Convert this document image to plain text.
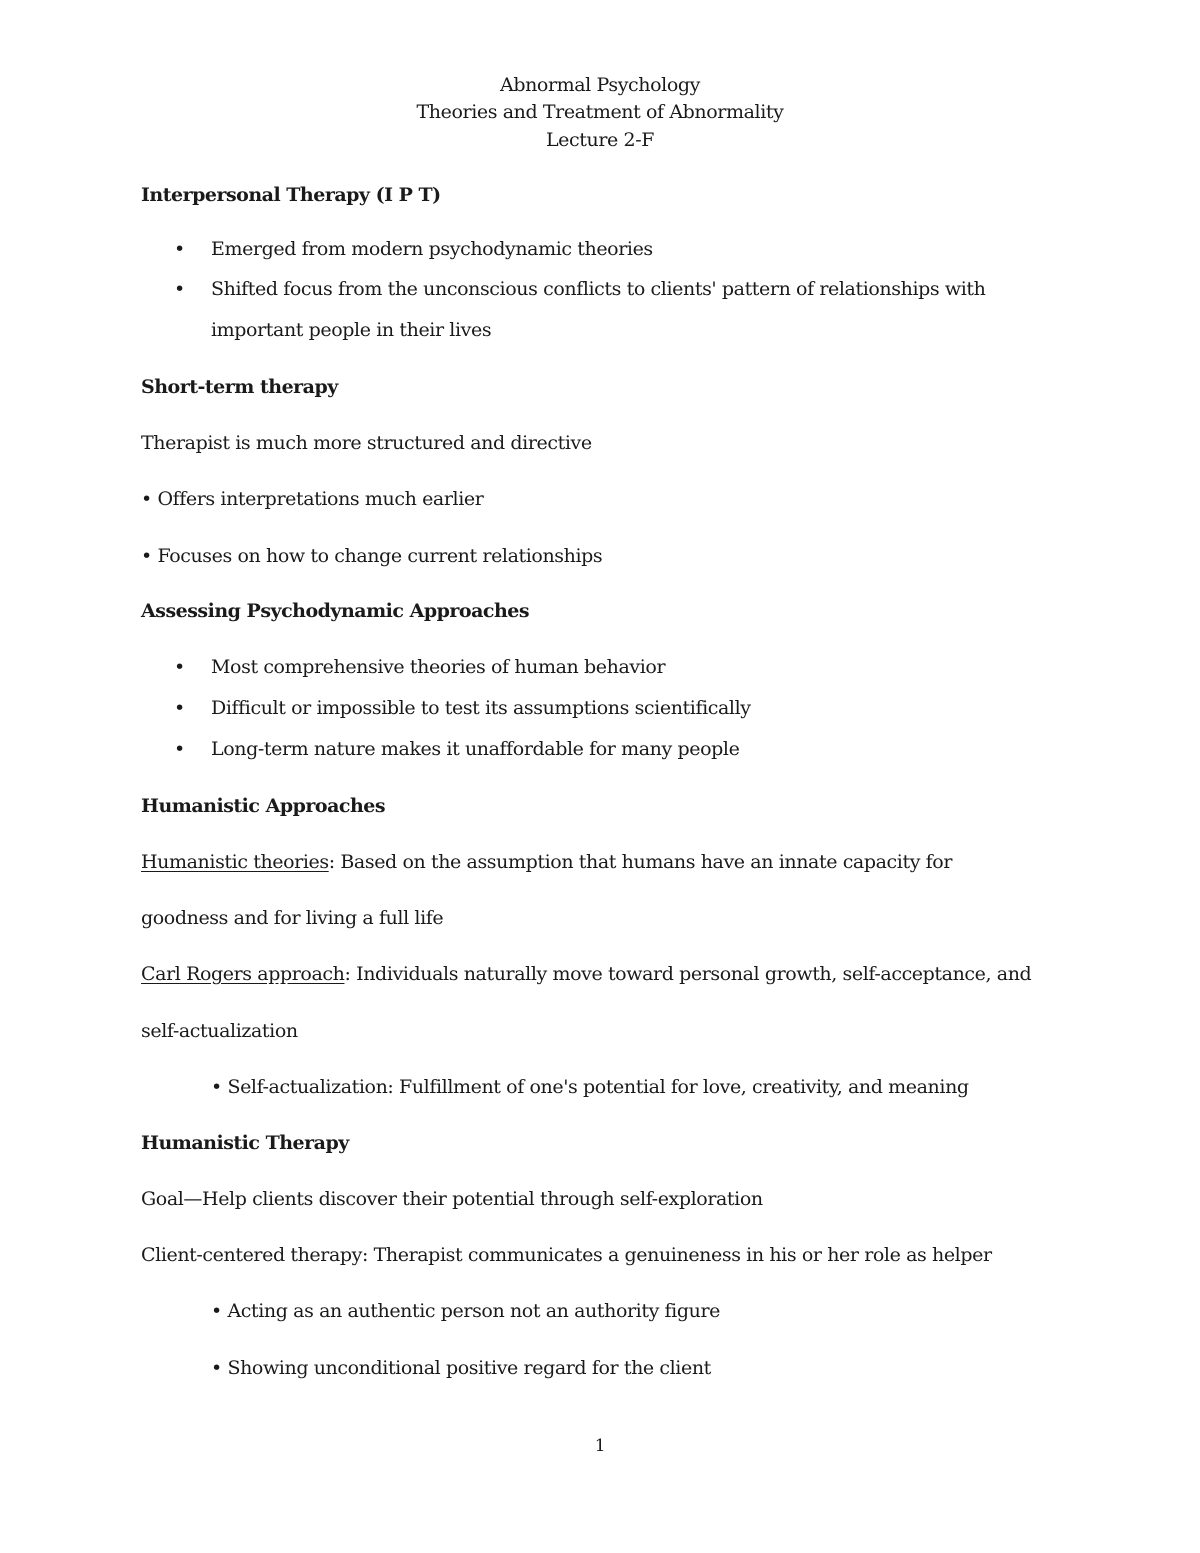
Abnormal Psychology
Theories and Treatment of Abnormality
Lecture 2-F
Interpersonal Therapy (I P T)
• Emerged from modern psychodynamic theories
• Shifted focus from the unconscious conflicts to clients' pattern of relationships with
important people in their lives
Short-term therapy
Therapist is much more structured and directive
• Offers interpretations much earlier
• Focuses on how to change current relationships
Assessing Psychodynamic Approaches
• Most comprehensive theories of human behavior
• Difficult or impossible to test its assumptions scientifically
• Long-term nature makes it unaffordable for many people
Humanistic Approaches
Humanistic theories: Based on the assumption that humans have an innate capacity for
goodness and for living a full life
Carl Rogers approach: Individuals naturally move toward personal growth, self-acceptance, and
self-actualization
• Self-actualization: Fulfillment of one's potential for love, creativity, and meaning
Humanistic Therapy
Goal—Help clients discover their potential through self-exploration
Client-centered therapy: Therapist communicates a genuineness in his or her role as helper
• Acting as an authentic person not an authority figure
• Showing unconditional positive regard for the client
1
